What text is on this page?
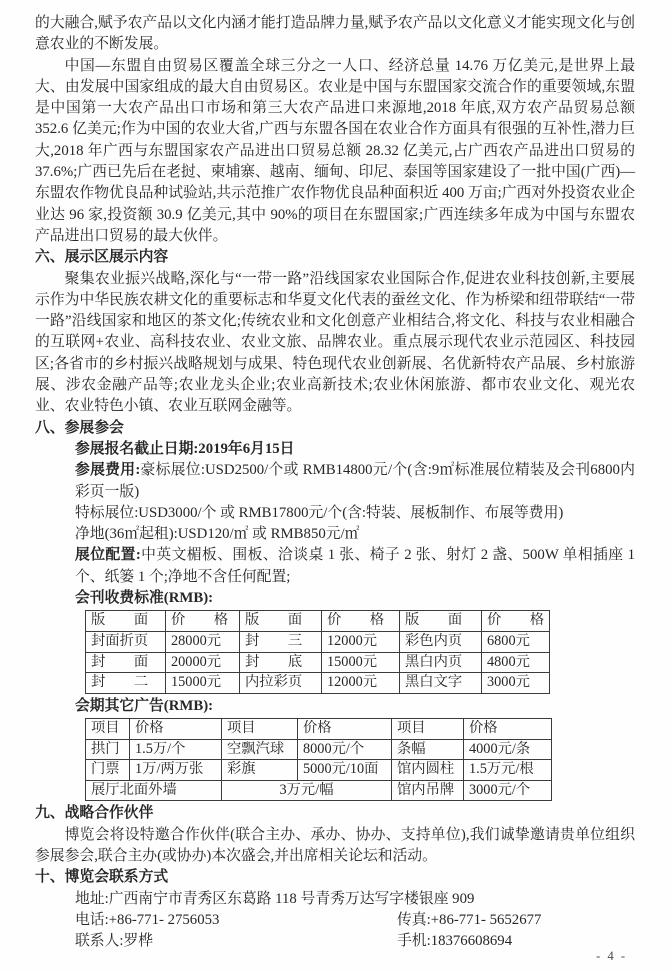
的大融合,赋予农产品以文化内涵才能打造品牌力量,赋予农产品以文化意义才能实现文化与创意农业的不断发展。

中国—东盟自由贸易区覆盖全球三分之一人口、经济总量 14.76 万亿美元,是世界上最大、由发展中国家组成的最大自由贸易区。农业是中国与东盟国家交流合作的重要领域,东盟是中国第一大农产品出口市场和第三大农产品进口来源地,2018 年底,双方农产品贸易总额 352.6 亿美元;作为中国的农业大省,广西与东盟各国在农业合作方面具有很强的互补性,潜力巨大,2018 年广西与东盟国家农产品进出口贸易总额 28.32 亿美元,占广西农产品进出口贸易的 37.6%;广西已先后在老挝、柬埔寨、越南、缅甸、印尼、泰国等国家建设了一批中国(广西)—东盟农作物优良品种试验站,共示范推广农作物优良品种面积近 400 万亩;广西对外投资农业企业达 96 家,投资额 30.9 亿美元,其中 90%的项目在东盟国家;广西连续多年成为中国与东盟农产品进出口贸易的最大伙伴。

六、展示区展示内容

聚集农业振兴战略,深化与“一带一路”沿线国家农业国际合作,促进农业科技创新,主要展示作为中华民族农耕文化的重要标志和华夏文化代表的蚕丝文化、作为桥梁和纽带联结“一带一路”沿线国家和地区的茶文化;传统农业和文化创意产业相结合,将文化、科技与农业相融合的互联网+农业、高科技农业、农业文旅、品牌农业。重点展示现代农业示范园区、科技园区;各省市的乡村振兴战略规划与成果、特色现代农业创新展、名优新特农产品展、乡村旅游展、涉农金融产品等;农业龙头企业;农业高新技术;农业休闲旅游、都市农业文化、观光农业、农业特色小镇、农业互联网金融等。

八、参展参会

参展报名截止日期:2019年6月15日

参展费用:豪标展位:USD2500/个或 RMB14800元/个(含:9㎡标准展位精装及会刊6800内彩页一版)

特标展位:USD3000/个 或 RMB17800元/个(含:特装、展板制作、布展等费用)

净地(36㎡起租):USD120/㎡ 或 RMB850元/㎡

展位配置:中英文楣板、围板、洽谈桌 1 张、椅子 2 张、射灯 2 盏、500W 单相插座 1 个、纸篓 1 个;净地不含任何配置;

会刊收费标准(RMB):

版　　面	价　　格	版　　面	价　　格	版　　面	价　　格
封面折页	28000元	封　　三	12000元	彩色内页	6800元
封　　面	20000元	封　　底	15000元	黑白内页	4800元
封　　二	15000元	内拉彩页	12000元	黑白文字	3000元

会期其它广告(RMB):

项目	价格	项目	价格	项目	价格
拱门	1.5万/个	空飘汽球	8000元/个	条幅	4000元/条
门票	1万/两万张	彩旗	5000元/10面	馆内圆柱	1.5万元/根
展厅北面外墙		3万元/幅		馆内吊牌	3000元/个

九、战略合作伙伴

博览会将设特邀合作伙伴(联合主办、承办、协办、支持单位),我们诚挚邀请贵单位组织参展参会,联合主办(或协办)本次盛会,并出席相关论坛和活动。

十、博览会联系方式

地址:广西南宁市青秀区东葛路 118 号青秀万达写字楼银座 909

电话:+86-771- 2756053	传真:+86-771- 5652677
联系人:罗桦	手机:18376608694
- 4 -
